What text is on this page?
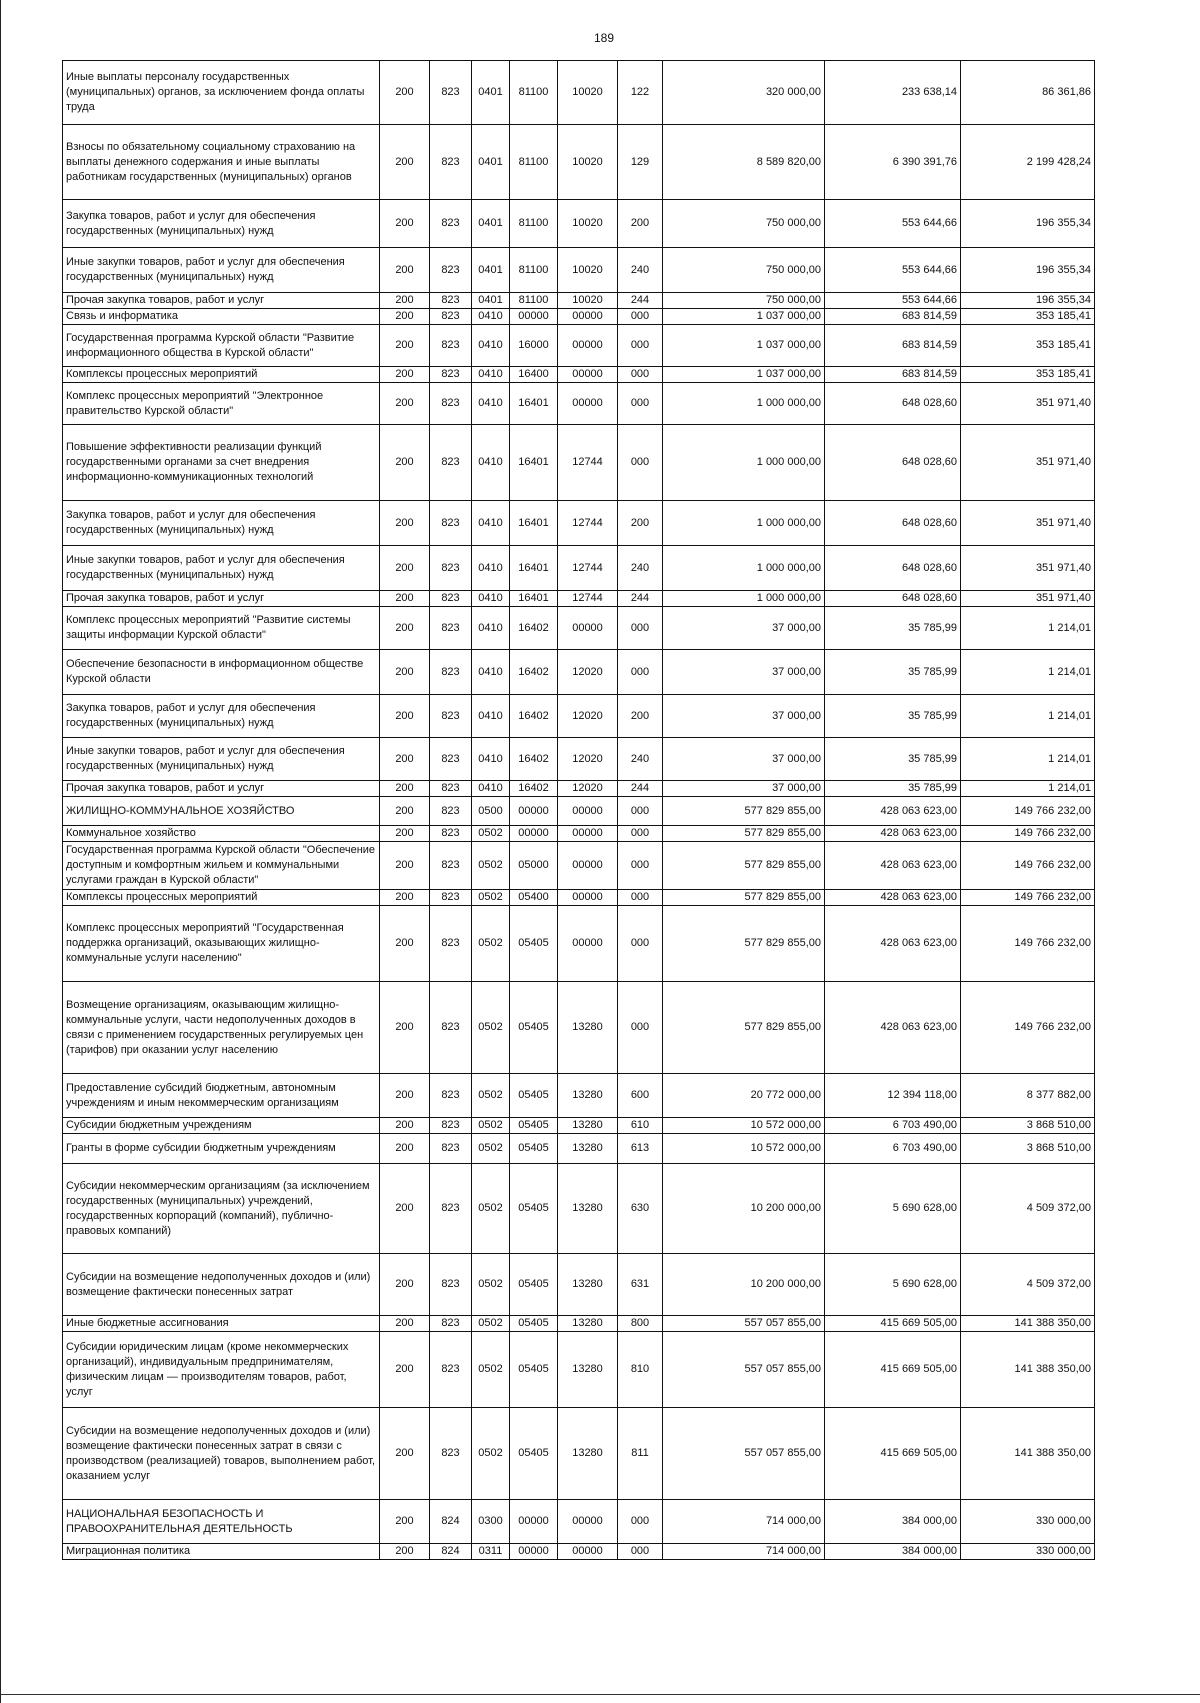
189
Иные выплаты персоналу государственных (муниципальных) органов, за исключением фонда оплаты труда	200	823	0401	81100	10020	122	320 000,00	233 638,14	86 361,86
Взносы по обязательному социальному страхованию на выплаты денежного содержания и иные выплаты работникам государственных (муниципальных) органов	200	823	0401	81100	10020	129	8 589 820,00	6 390 391,76	2 199 428,24
Закупка товаров, работ и услуг для обеспечения государственных (муниципальных) нужд	200	823	0401	81100	10020	200	750 000,00	553 644,66	196 355,34
Иные закупки товаров, работ и услуг для обеспечения государственных (муниципальных) нужд	200	823	0401	81100	10020	240	750 000,00	553 644,66	196 355,34
Прочая закупка товаров, работ и услуг	200	823	0401	81100	10020	244	750 000,00	553 644,66	196 355,34
Связь и информатика	200	823	0410	00000	00000	000	1 037 000,00	683 814,59	353 185,41
Государственная программа Курской области "Развитие информационного общества в Курской области"	200	823	0410	16000	00000	000	1 037 000,00	683 814,59	353 185,41
Комплексы процессных мероприятий	200	823	0410	16400	00000	000	1 037 000,00	683 814,59	353 185,41
Комплекс процессных мероприятий "Электронное правительство Курской области"	200	823	0410	16401	00000	000	1 000 000,00	648 028,60	351 971,40
Повышение эффективности реализации функций государственными органами за счет внедрения информационно-коммуникационных технологий	200	823	0410	16401	12744	000	1 000 000,00	648 028,60	351 971,40
Закупка товаров, работ и услуг для обеспечения государственных (муниципальных) нужд	200	823	0410	16401	12744	200	1 000 000,00	648 028,60	351 971,40
Иные закупки товаров, работ и услуг для обеспечения государственных (муниципальных) нужд	200	823	0410	16401	12744	240	1 000 000,00	648 028,60	351 971,40
Прочая закупка товаров, работ и услуг	200	823	0410	16401	12744	244	1 000 000,00	648 028,60	351 971,40
Комплекс процессных мероприятий "Развитие системы защиты информации Курской области"	200	823	0410	16402	00000	000	37 000,00	35 785,99	1 214,01
Обеспечение безопасности в информационном обществе Курской области	200	823	0410	16402	12020	000	37 000,00	35 785,99	1 214,01
Закупка товаров, работ и услуг для обеспечения государственных (муниципальных) нужд	200	823	0410	16402	12020	200	37 000,00	35 785,99	1 214,01
Иные закупки товаров, работ и услуг для обеспечения государственных (муниципальных) нужд	200	823	0410	16402	12020	240	37 000,00	35 785,99	1 214,01
Прочая закупка товаров, работ и услуг	200	823	0410	16402	12020	244	37 000,00	35 785,99	1 214,01
ЖИЛИЩНО-КОММУНАЛЬНОЕ ХОЗЯЙСТВО	200	823	0500	00000	00000	000	577 829 855,00	428 063 623,00	149 766 232,00
Коммунальное хозяйство	200	823	0502	00000	00000	000	577 829 855,00	428 063 623,00	149 766 232,00
Государственная программа Курской области "Обеспечение доступным и комфортным жильем и коммунальными услугами граждан в Курской области"	200	823	0502	05000	00000	000	577 829 855,00	428 063 623,00	149 766 232,00
Комплексы процессных мероприятий	200	823	0502	05400	00000	000	577 829 855,00	428 063 623,00	149 766 232,00
Комплекс процессных мероприятий "Государственная поддержка организаций, оказывающих жилищно-коммунальные услуги населению"	200	823	0502	05405	00000	000	577 829 855,00	428 063 623,00	149 766 232,00
Возмещение организациям, оказывающим жилищно-коммунальные услуги, части недополученных доходов в связи с применением государственных регулируемых цен (тарифов) при оказании услуг населению	200	823	0502	05405	13280	000	577 829 855,00	428 063 623,00	149 766 232,00
Предоставление субсидий бюджетным, автономным учреждениям и иным некоммерческим организациям	200	823	0502	05405	13280	600	20 772 000,00	12 394 118,00	8 377 882,00
Субсидии бюджетным учреждениям	200	823	0502	05405	13280	610	10 572 000,00	6 703 490,00	3 868 510,00
Гранты в форме субсидии бюджетным учреждениям	200	823	0502	05405	13280	613	10 572 000,00	6 703 490,00	3 868 510,00
Субсидии некоммерческим организациям (за исключением государственных (муниципальных) учреждений, государственных корпораций (компаний), публично-правовых компаний)	200	823	0502	05405	13280	630	10 200 000,00	5 690 628,00	4 509 372,00
Субсидии на возмещение недополученных доходов и (или) возмещение фактически понесенных затрат	200	823	0502	05405	13280	631	10 200 000,00	5 690 628,00	4 509 372,00
Иные бюджетные ассигнования	200	823	0502	05405	13280	800	557 057 855,00	415 669 505,00	141 388 350,00
Субсидии юридическим лицам (кроме некоммерческих организаций), индивидуальным предпринимателям, физическим лицам — производителям товаров, работ, услуг	200	823	0502	05405	13280	810	557 057 855,00	415 669 505,00	141 388 350,00
Субсидии на возмещение недополученных доходов и (или) возмещение фактически понесенных затрат в связи с производством (реализацией) товаров, выполнением работ, оказанием услуг	200	823	0502	05405	13280	811	557 057 855,00	415 669 505,00	141 388 350,00
НАЦИОНАЛЬНАЯ БЕЗОПАСНОСТЬ И ПРАВООХРАНИТЕЛЬНАЯ ДЕЯТЕЛЬНОСТЬ	200	824	0300	00000	00000	000	714 000,00	384 000,00	330 000,00
Миграционная политика	200	824	0311	00000	00000	000	714 000,00	384 000,00	330 000,00
